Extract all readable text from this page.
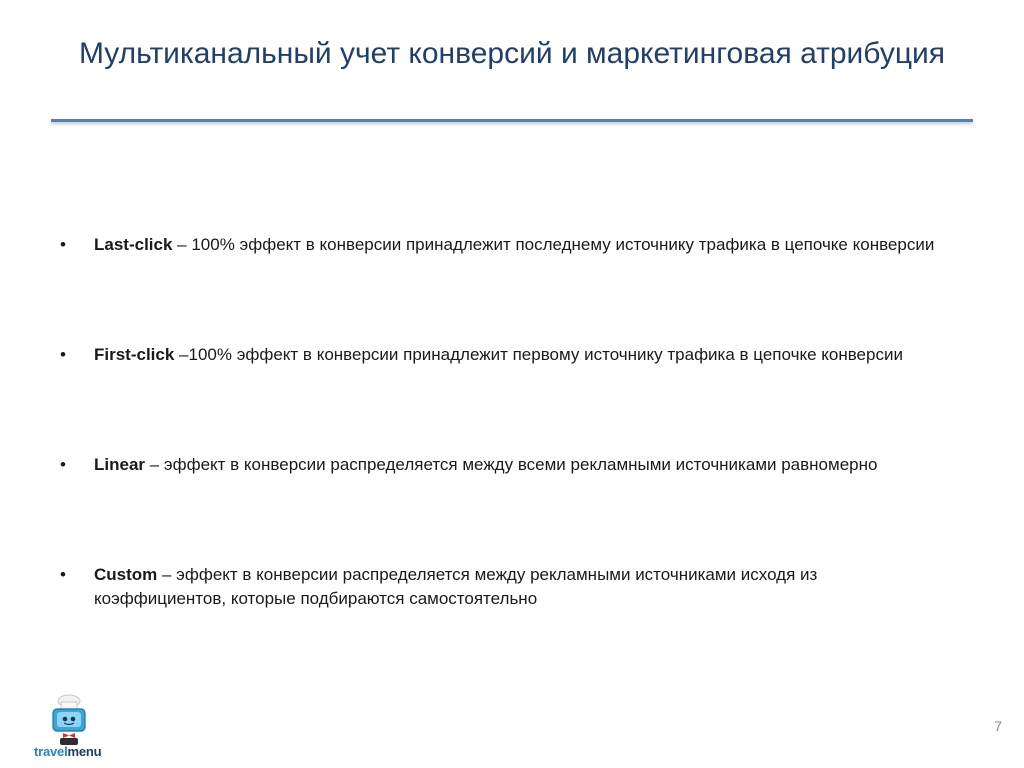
Мультиканальный учет конверсий и маркетинговая атрибуция
•	Last-click – 100% эффект в конверсии принадлежит последнему источнику трафика в цепочке конверсии
•	First-click –100% эффект в конверсии принадлежит первому источнику трафика в цепочке конверсии
•	Linear – эффект в конверсии распределяется между всеми рекламными источниками равномерно
•	Custom – эффект в конверсии распределяется между рекламными источниками исходя из коэффициентов, которые подбираются самостоятельно
travelmenu
7
